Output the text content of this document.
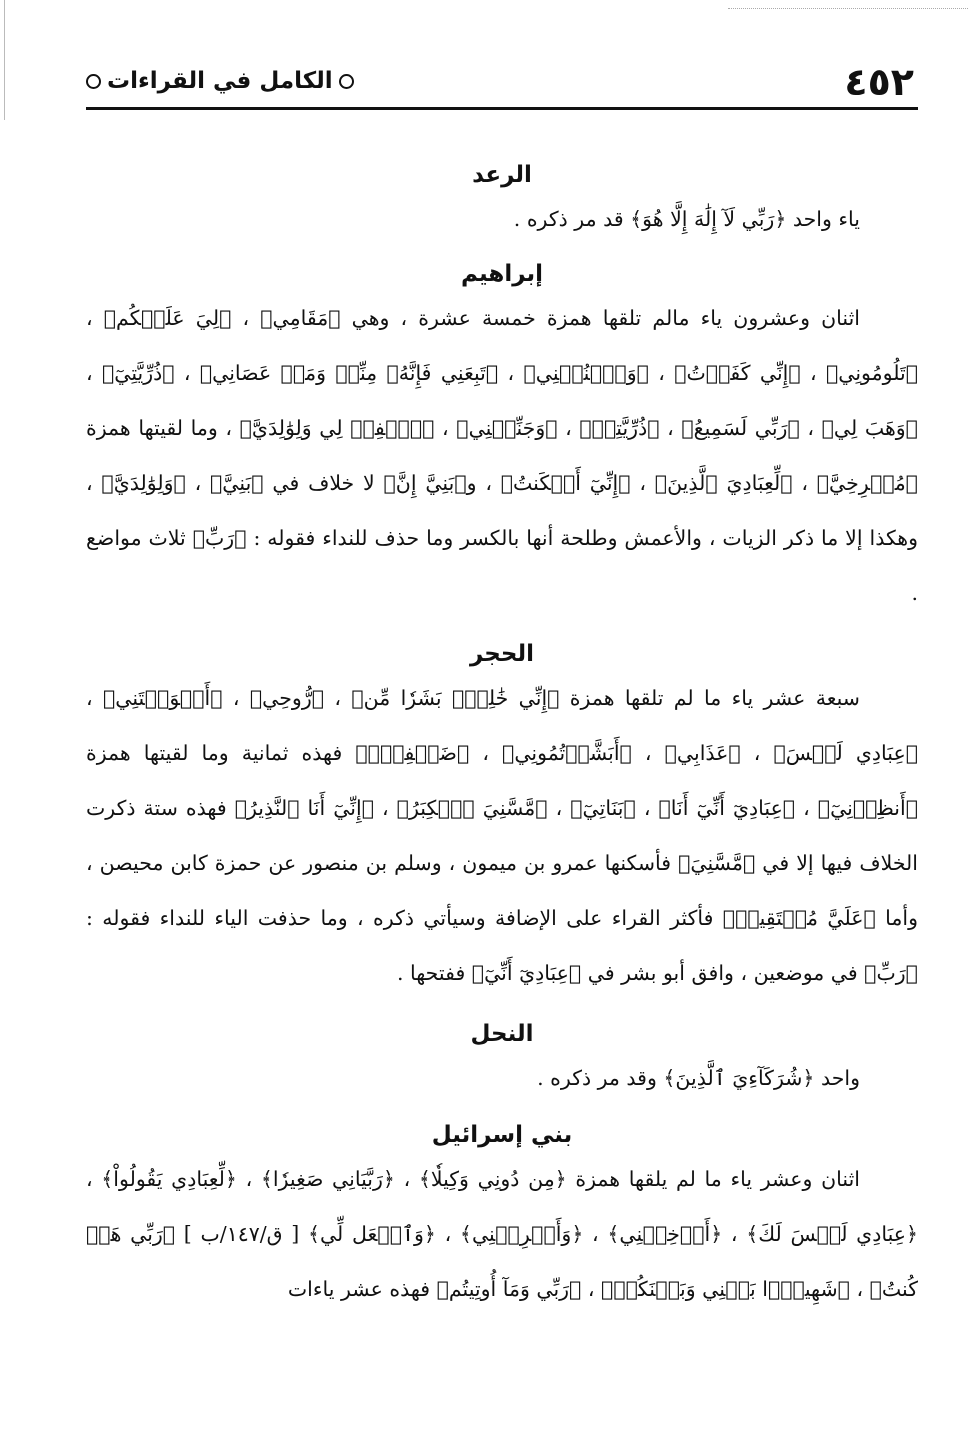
٤٥٢
الكامل في القراءات
الرعد

ياء واحد ﴿رَبِّي لَآ إِلَٰهَ إِلَّا هُوَ﴾ قد مر ذكره .

إبراهيم

اثنان وعشرون ياء مالم تلقها همزة خمسة عشرة ، وهي ﴿مَقَامِي﴾ ، ﴿لِيَ عَلَيۡكُم﴾ ، ﴿تَلُومُونِي﴾ ، ﴿إِنِّي كَفَرۡتُ﴾ ، ﴿وَٱجۡنُبۡنِي﴾ ، ﴿تَبِعَنِي فَإِنَّهُۥ مِنِّيۖ وَمَنۡ عَصَانِي﴾ ، ﴿ذُرِّيَّتِيٓ﴾ ، ﴿وَهَبَ لِي﴾ ، ﴿رَبِّي لَسَمِيعُ﴾ ، ﴿ذُرِّيَّتِيۚ﴾ ، ﴿وَجَنِّبۡنِي﴾ ، ﴿ٱغۡفِرۡ لِي وَلِوَٰلِدَيَّ﴾ ، وما لقيتها همزة ﴿مُصۡرِخِيَّ﴾ ، ﴿لِّعِبَادِيَ ٱلَّذِينَ﴾ ، ﴿إِنِّيٓ أَسۡكَنتُ﴾ ، و﴿بَنِيَّ إِنَّ﴾ لا خلاف في ﴿بَنِيَّ﴾ ، ﴿وَلِوَٰلِدَيَّ﴾ ، وهكذا إلا ما ذكر الزيات ، والأعمش وطلحة أنها بالكسر وما حذف للنداء فقوله : ﴿رَبِّ﴾ ثلاث مواضع .

الحجر

سبعة عشر ياء ما لم تلقها همزة ﴿إِنِّي خَٰلِقُۢ بَشَرٗا مِّن﴾ ، ﴿رُّوحِي﴾ ، ﴿أَغۡوَيۡتَنِي﴾ ، ﴿عِبَادِي لَيۡسَ﴾ ، ﴿عَذَابِي﴾ ، ﴿أَبَشَّرۡتُمُونِي﴾ ، ﴿ضَيۡفِيٓۖ﴾ فهذه ثمانية وما لقيتها همزة ﴿أَنظِرۡنِيٓ﴾ ، ﴿عِبَادِيٓ أَنِّيٓ أَنَا﴾ ، ﴿بَنَاتِيٓ﴾ ، ﴿مَّسَّنِيَ ٱلۡكِبَرُ﴾ ، ﴿إِنِّيٓ أَنَا ٱلنَّذِيرُ﴾ فهذه ستة ذكرت الخلاف فيها إلا في ﴿مَّسَّنِيَ﴾ فأسكنها عمرو بن ميمون ، وسلم بن منصور عن حمزة كابن محيصن ، وأما ﴿عَلَيَّ مُسۡتَقِيمٞ﴾ فأكثر القراء على الإضافة وسيأتي ذكره ، وما حذفت الياء للنداء فقوله : ﴿رَبِّ﴾ في موضعين ، وافق أبو بشر في ﴿عِبَادِيٓ أَنِّيٓ﴾ ففتحها .

النحل

واحد ﴿شُرَكَآءِيَ ٱلَّذِينَ﴾ وقد مر ذكره .

بني إسرائيل

اثنان وعشر ياء ما لم يلقها همزة ﴿مِن دُونِي وَكِيلٗا﴾ ، ﴿رَبَّيَانِي صَغِيرٗا﴾ ، ﴿لِّعِبَادِي يَقُولُواْ﴾ ، ﴿عِبَادِي لَيۡسَ لَكَ﴾ ، ﴿أَدۡخِلۡنِي﴾ ، ﴿وَأَخۡرِجۡنِي﴾ ، ﴿وَٱجۡعَل لِّي﴾ [ ق/١٤٧/ب ] ﴿رَبِّي هَلۡ كُنتُ﴾ ، ﴿شَهِيدَۢا بَيۡنِي وَبَيۡنَكُمۡ﴾ ، ﴿رَبِّي وَمَآ أُوتِيتُم﴾ فهذه عشر ياءات
